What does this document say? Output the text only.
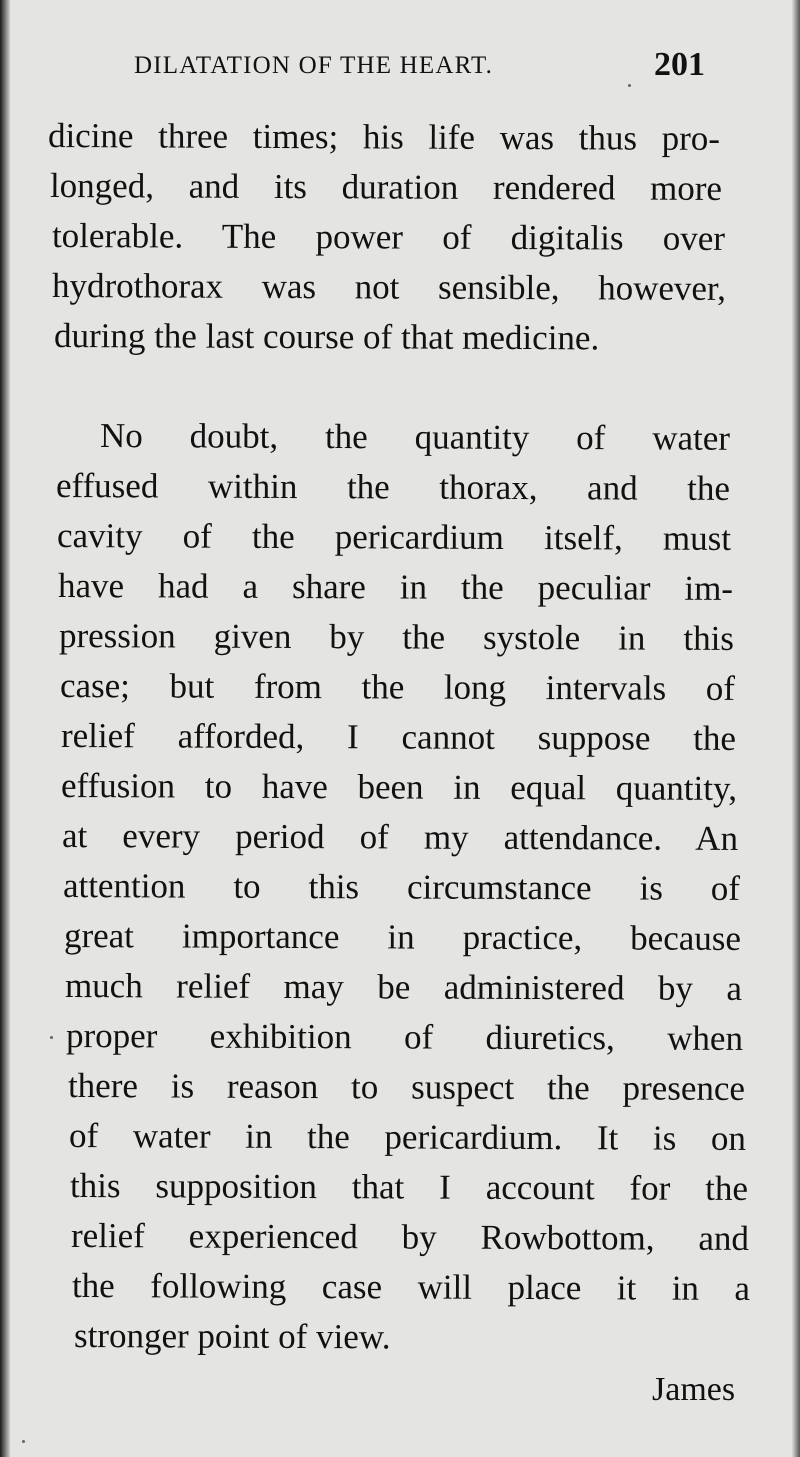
DILATATION OF THE HEART.	201
dicine three times; his life was thus pro-
longed, and its duration rendered more
tolerable. The power of digitalis over
hydrothorax was not sensible, however,
during the last course of that medicine.
No doubt, the quantity of water
effused within the thorax, and the
cavity of the pericardium itself, must
have had a share in the peculiar im-
pression given by the systole in this
case; but from the long intervals of
relief afforded, I cannot suppose the
effusion to have been in equal quantity,
at every period of my attendance. An
attention to this circumstance is of
great importance in practice, because
much relief may be administered by a
proper exhibition of diuretics, when
there is reason to suspect the presence
of water in the pericardium. It is on
this supposition that I account for the
relief experienced by Rowbottom, and
the following case will place it in a
stronger point of view.
James
